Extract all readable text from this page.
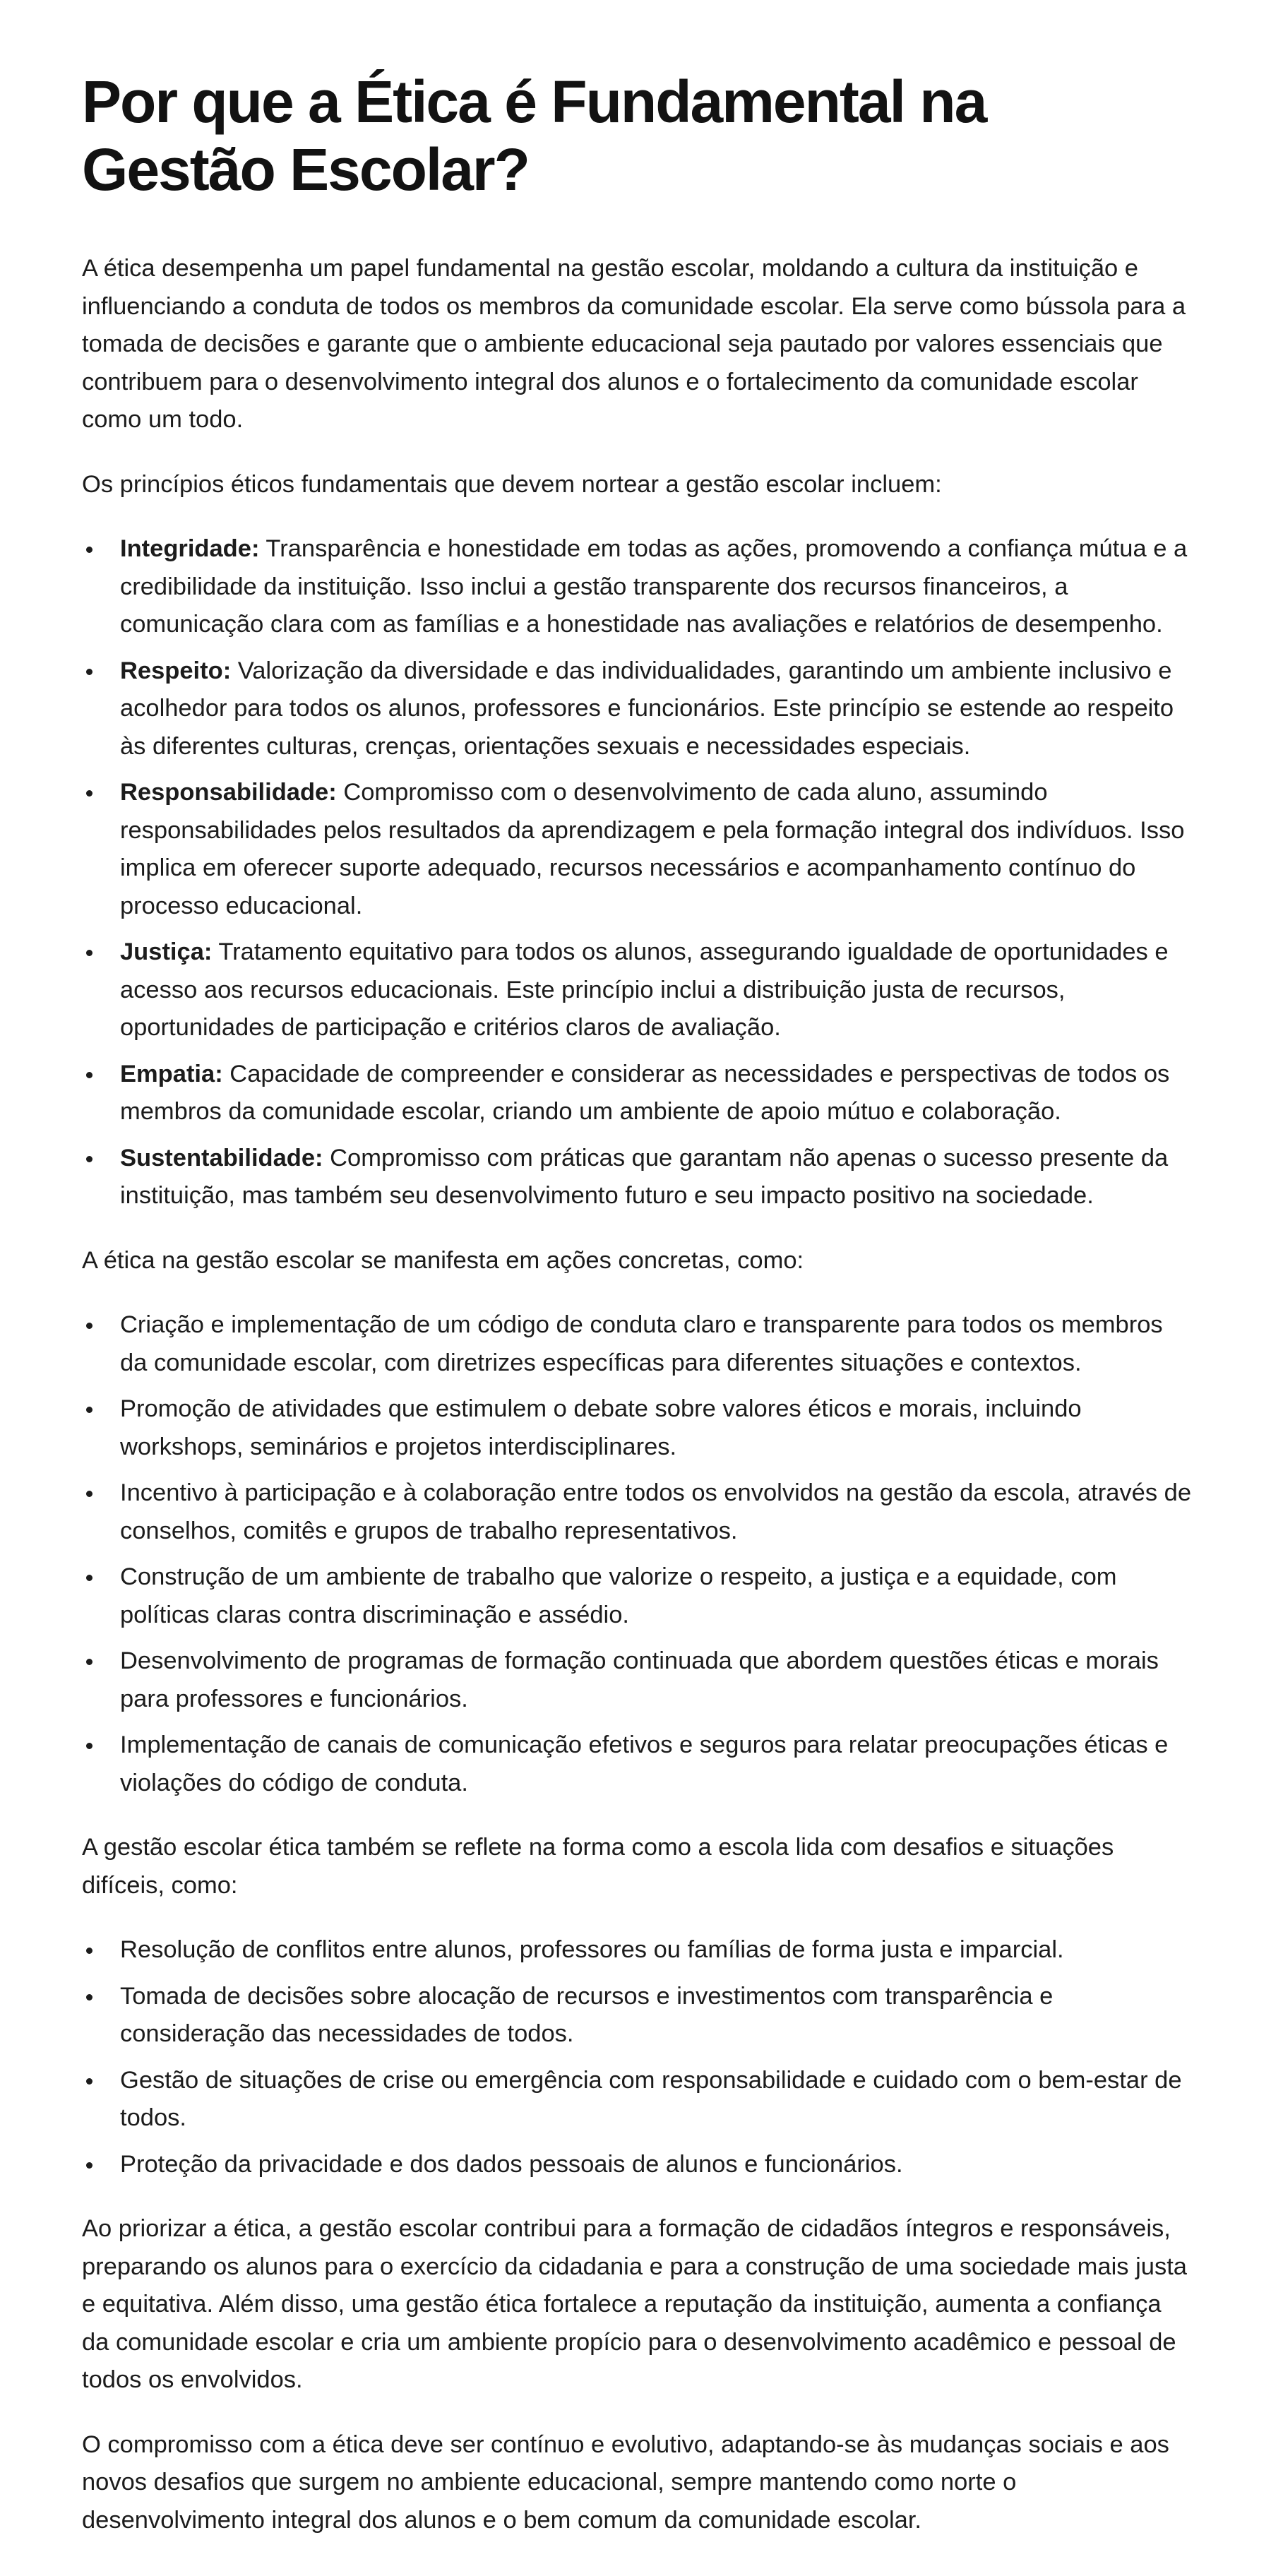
Por que a Ética é Fundamental na Gestão Escolar?

A ética desempenha um papel fundamental na gestão escolar, moldando a cultura da instituição e influenciando a conduta de todos os membros da comunidade escolar. Ela serve como bússola para a tomada de decisões e garante que o ambiente educacional seja pautado por valores essenciais que contribuem para o desenvolvimento integral dos alunos e o fortalecimento da comunidade escolar como um todo.

Os princípios éticos fundamentais que devem nortear a gestão escolar incluem:

Integridade: Transparência e honestidade em todas as ações, promovendo a confiança mútua e a credibilidade da instituição. Isso inclui a gestão transparente dos recursos financeiros, a comunicação clara com as famílias e a honestidade nas avaliações e relatórios de desempenho.
Respeito: Valorização da diversidade e das individualidades, garantindo um ambiente inclusivo e acolhedor para todos os alunos, professores e funcionários. Este princípio se estende ao respeito às diferentes culturas, crenças, orientações sexuais e necessidades especiais.
Responsabilidade: Compromisso com o desenvolvimento de cada aluno, assumindo responsabilidades pelos resultados da aprendizagem e pela formação integral dos indivíduos. Isso implica em oferecer suporte adequado, recursos necessários e acompanhamento contínuo do processo educacional.
Justiça: Tratamento equitativo para todos os alunos, assegurando igualdade de oportunidades e acesso aos recursos educacionais. Este princípio inclui a distribuição justa de recursos, oportunidades de participação e critérios claros de avaliação.
Empatia: Capacidade de compreender e considerar as necessidades e perspectivas de todos os membros da comunidade escolar, criando um ambiente de apoio mútuo e colaboração.
Sustentabilidade: Compromisso com práticas que garantam não apenas o sucesso presente da instituição, mas também seu desenvolvimento futuro e seu impacto positivo na sociedade.

A ética na gestão escolar se manifesta em ações concretas, como:

Criação e implementação de um código de conduta claro e transparente para todos os membros da comunidade escolar, com diretrizes específicas para diferentes situações e contextos.
Promoção de atividades que estimulem o debate sobre valores éticos e morais, incluindo workshops, seminários e projetos interdisciplinares.
Incentivo à participação e à colaboração entre todos os envolvidos na gestão da escola, através de conselhos, comitês e grupos de trabalho representativos.
Construção de um ambiente de trabalho que valorize o respeito, a justiça e a equidade, com políticas claras contra discriminação e assédio.
Desenvolvimento de programas de formação continuada que abordem questões éticas e morais para professores e funcionários.
Implementação de canais de comunicação efetivos e seguros para relatar preocupações éticas e violações do código de conduta.

A gestão escolar ética também se reflete na forma como a escola lida com desafios e situações difíceis, como:

Resolução de conflitos entre alunos, professores ou famílias de forma justa e imparcial.
Tomada de decisões sobre alocação de recursos e investimentos com transparência e consideração das necessidades de todos.
Gestão de situações de crise ou emergência com responsabilidade e cuidado com o bem-estar de todos.
Proteção da privacidade e dos dados pessoais de alunos e funcionários.

Ao priorizar a ética, a gestão escolar contribui para a formação de cidadãos íntegros e responsáveis, preparando os alunos para o exercício da cidadania e para a construção de uma sociedade mais justa e equitativa. Além disso, uma gestão ética fortalece a reputação da instituição, aumenta a confiança da comunidade escolar e cria um ambiente propício para o desenvolvimento acadêmico e pessoal de todos os envolvidos.

O compromisso com a ética deve ser contínuo e evolutivo, adaptando-se às mudanças sociais e aos novos desafios que surgem no ambiente educacional, sempre mantendo como norte o desenvolvimento integral dos alunos e o bem comum da comunidade escolar.
